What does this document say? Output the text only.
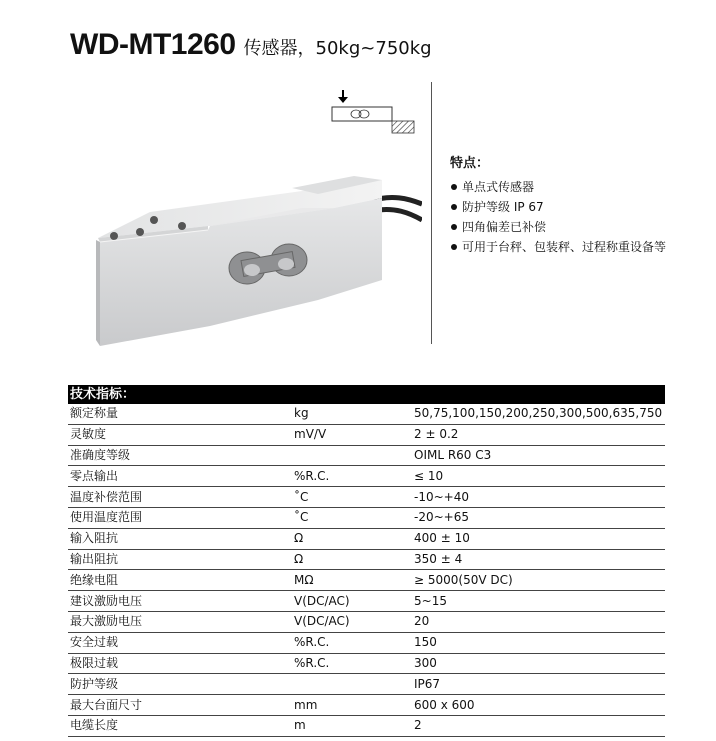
WD-MT1260 传感器，50kg~750kg
特点：
单点式传感器
防护等级 IP 67
四角偏差已补偿
可用于台秤、包装秤、过程称重设备等
技术指标：
额定称量	kg	50,75,100,150,200,250,300,500,635,750
灵敏度	mV/V	2 ± 0.2
准确度等级		OIML R60 C3
零点输出	%R.C.	≤ 10
温度补偿范围	˚C	-10~+40
使用温度范围	˚C	-20~+65
输入阻抗	Ω	400 ± 10
输出阻抗	Ω	350 ± 4
绝缘电阻	MΩ	≥ 5000(50V DC)
建议激励电压	V(DC/AC)	5~15
最大激励电压	V(DC/AC)	20
安全过载	%R.C.	150
极限过载	%R.C.	300
防护等级		IP67
最大台面尺寸	mm	600 x 600
电缆长度	m	2
